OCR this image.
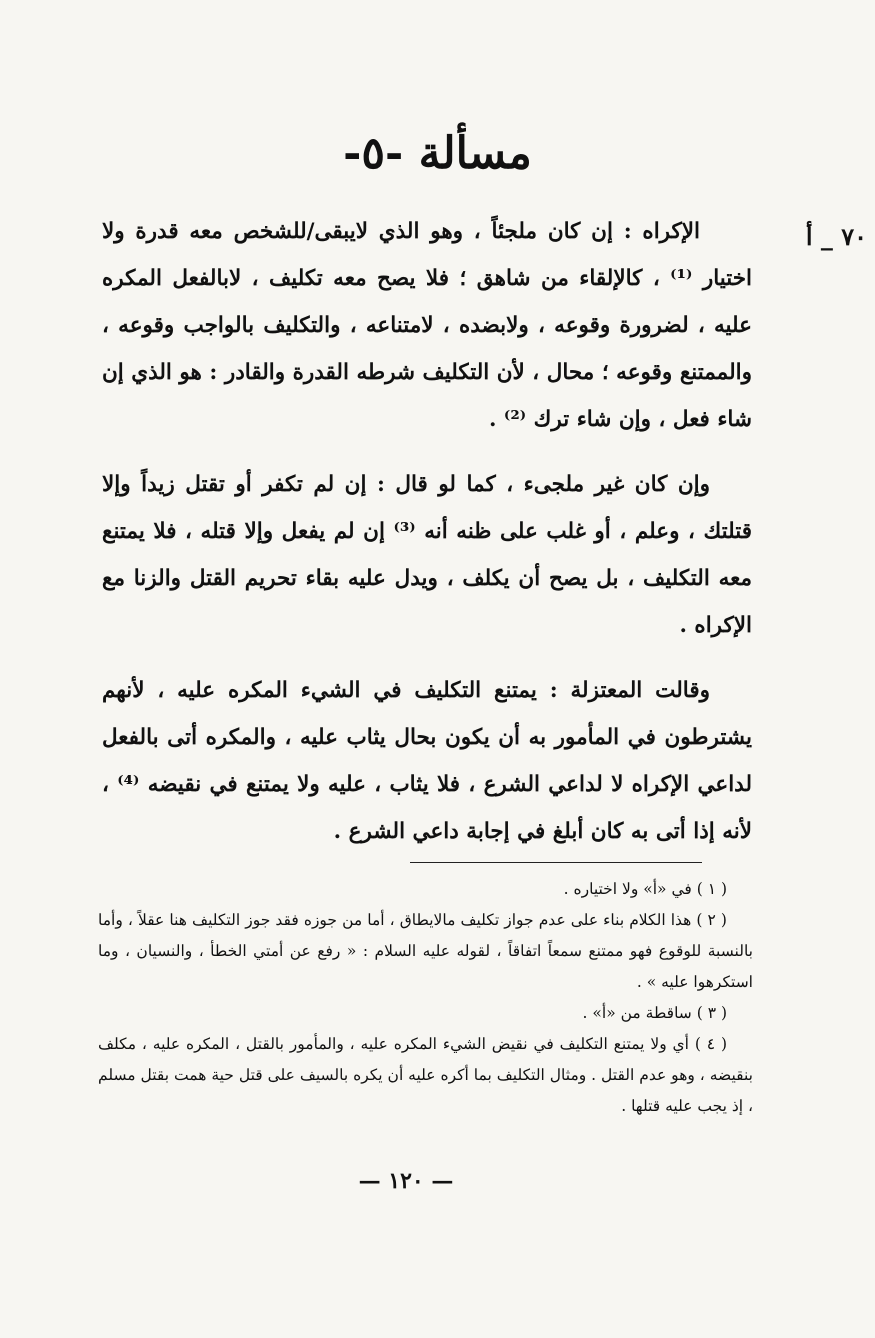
٧٠ _ أ
مسألة -٥-

الإكراه : إن كان ملجئاً ، وهو الذي لايبقى/للشخص معه قدرة ولا اختيار ⁽¹⁾ ، كالإلقاء من شاهق ؛ فلا يصح معه تكليف ، لابالفعل المكره عليه ، لضرورة وقوعه ، ولابضده ، لامتناعه ، والتكليف بالواجب وقوعه ، والممتنع وقوعه ؛ محال ، لأن التكليف شرطه القدرة والقادر : هو الذي إن شاء فعل ، وإن شاء ترك ⁽²⁾ .

وإن كان غير ملجىء ، كما لو قال : إن لم تكفر أو تقتل زيداً وإلا قتلتك ، وعلم ، أو غلب على ظنه أنه ⁽³⁾ إن لم يفعل وإلا قتله ، فلا يمتنع معه التكليف ، بل يصح أن يكلف ، ويدل عليه بقاء تحريم القتل والزنا مع الإكراه .

وقالت المعتزلة : يمتنع التكليف في الشيء المكره عليه ، لأنهم يشترطون في المأمور به أن يكون بحال يثاب عليه ، والمكره أتى بالفعل لداعي الإكراه لا لداعي الشرع ، فلا يثاب ، عليه ولا يمتنع في نقيضه ⁽⁴⁾ ، لأنه إذا أتى به كان أبلغ في إجابة داعي الشرع .

( ١ ) في «أ» ولا اختياره .

( ٢ ) هذا الكلام بناء على عدم جواز تكليف مالايطاق ، أما من جوزه فقد جوز التكليف هنا عقلاً ، وأما بالنسبة للوقوع فهو ممتنع سمعاً اتفاقاً ، لقوله عليه السلام : « رفع عن أمتي الخطأ ، والنسيان ، وما استكرهوا عليه » .

( ٣ ) ساقطة من «أ» .

( ٤ ) أي ولا يمتنع التكليف في نقيض الشيء المكره عليه ، والمأمور بالقتل ، المكره عليه ، مكلف بنقيضه ، وهو عدم القتل . ومثال التكليف بما أكره عليه أن يكره بالسيف على قتل حية همت بقتل مسلم ، إذ يجب عليه قتلها .

— ١٢٠ —
